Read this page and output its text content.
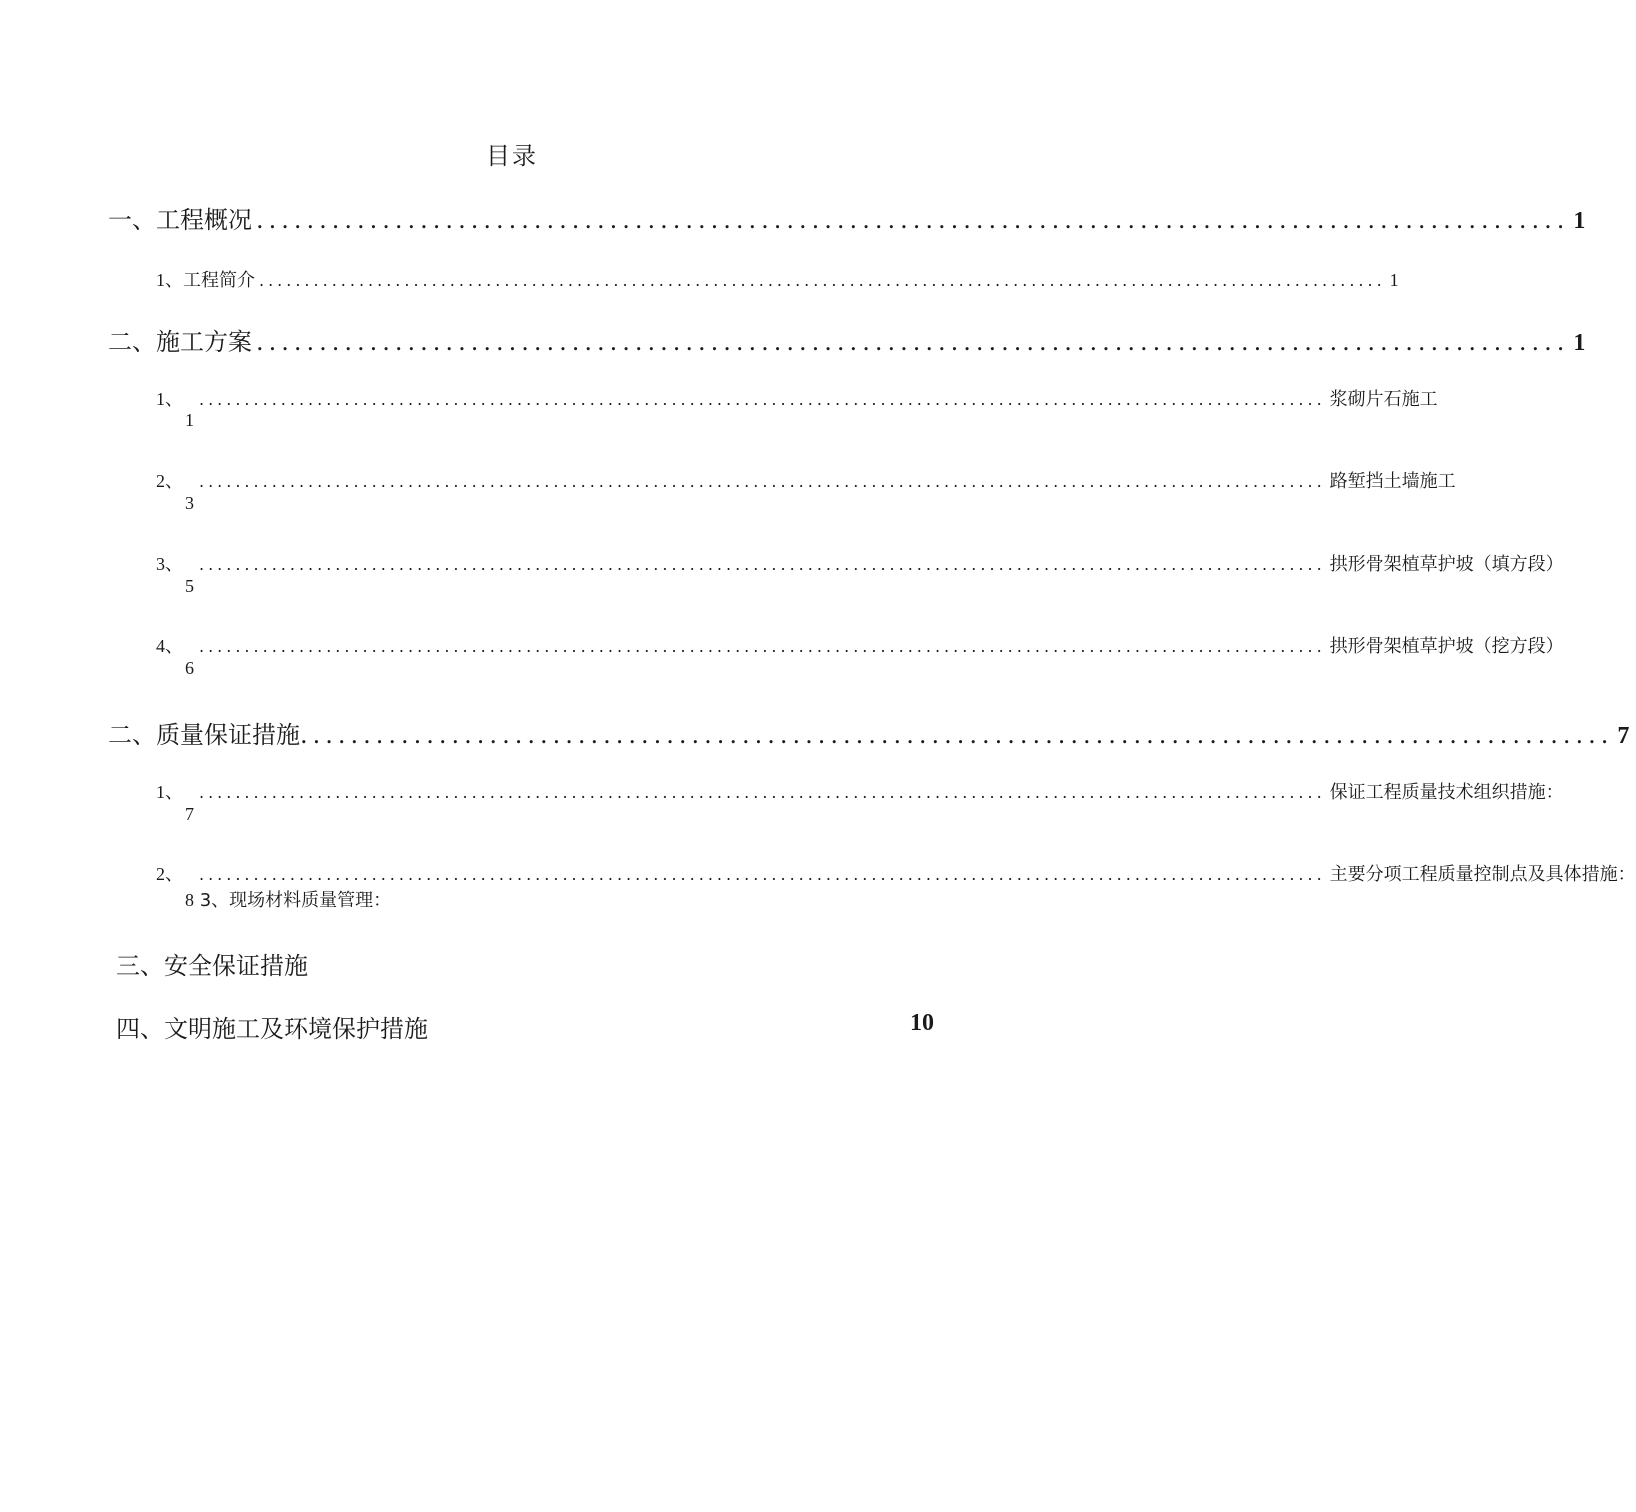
目录
一、工程概况 ........................................................................................................ 1
1、 工程简介 ............................................................................................................................ 1
二、施工方案 ........................................................................................................ 1
1、 ............................................................................................................................ 浆砌片石施工
1
2、 ............................................................................................................................ 路堑挡土墙施工
3
3、 ............................................................................................................................ 拱形骨架植草护坡（填方段）
5
4、 ............................................................................................................................ 拱形骨架植草护坡（挖方段）
6
二、质量保证措施 ........................................................................................................ 7
1、 ............................................................................................................................ 保证工程质量技术组织措施：
7
2、 ............................................................................................................................ 主要分项工程质量控制点及具体措施：
8 3、现场材料质量管理：
三、安全保证措施
四、文明施工及环境保护措施	10
